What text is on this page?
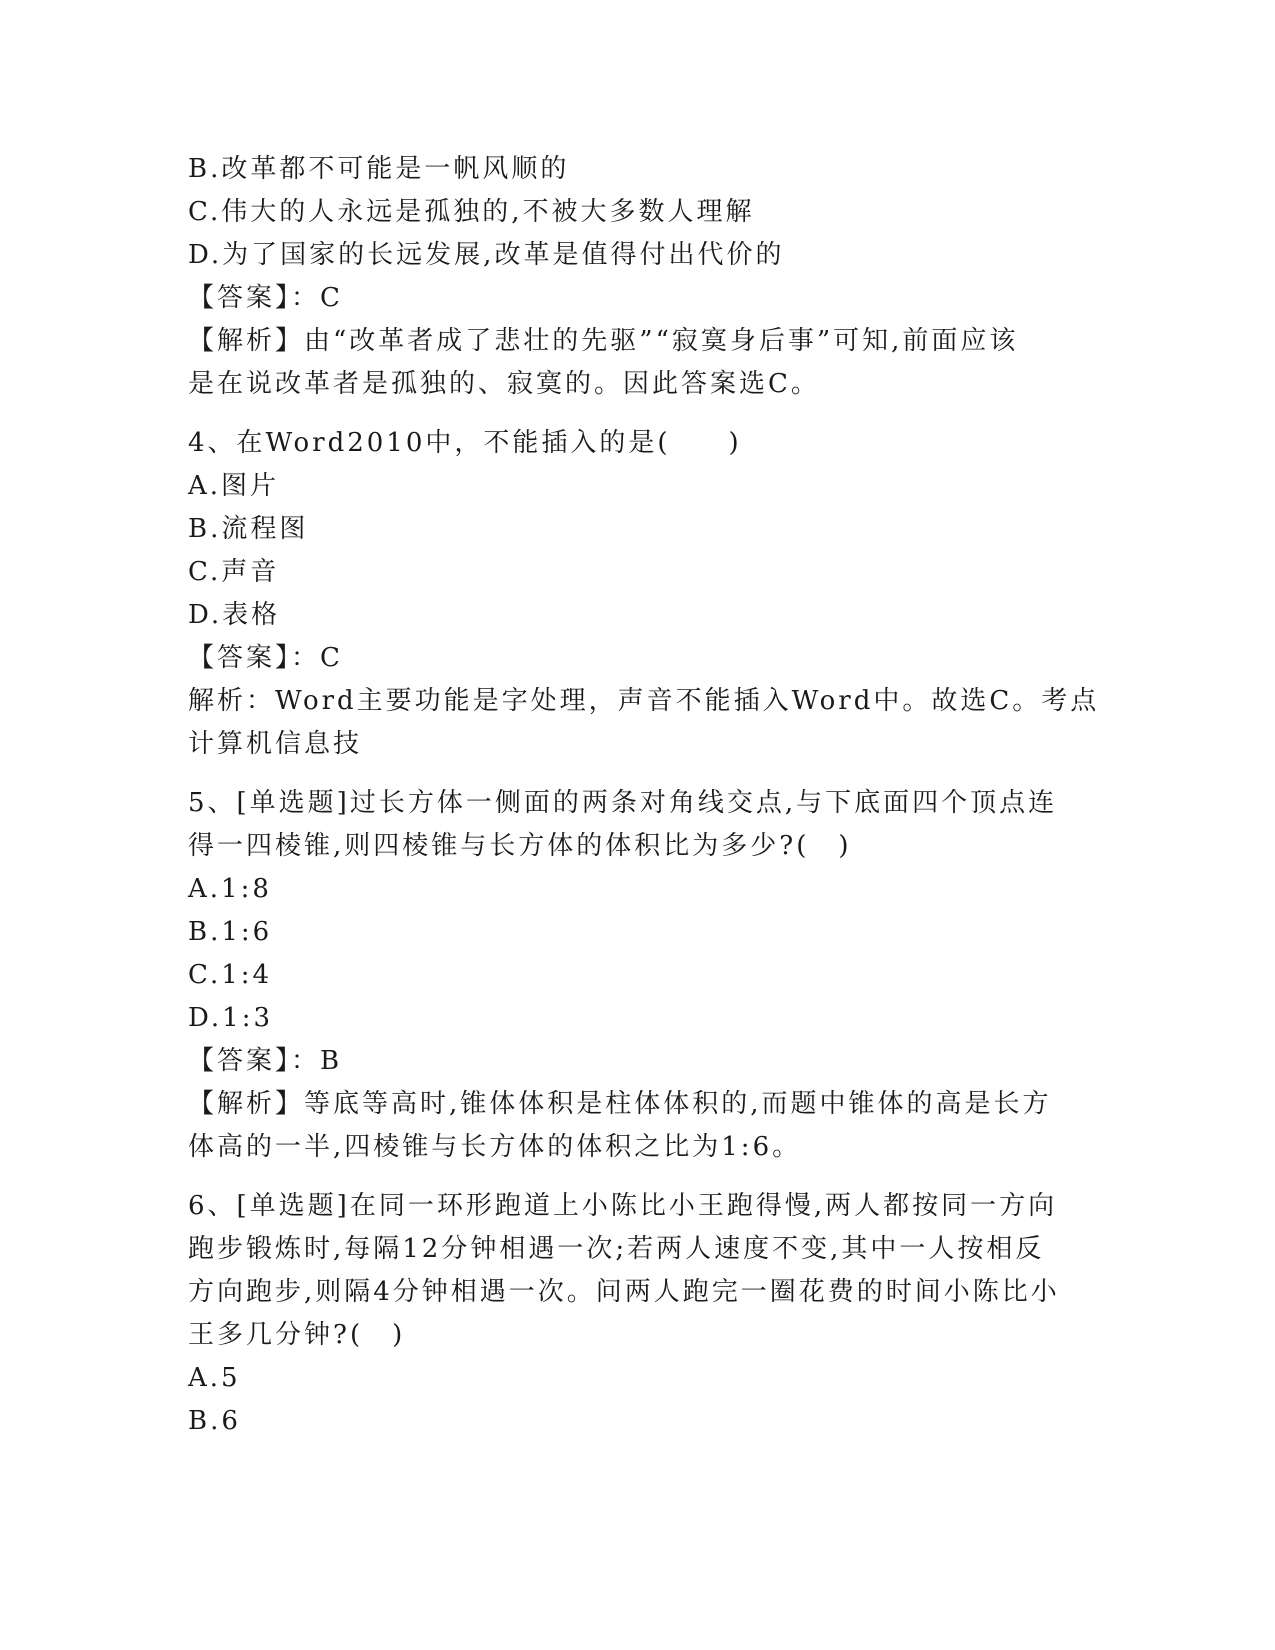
B.改革都不可能是一帆风顺的
C.伟大的人永远是孤独的,不被大多数人理解
D.为了国家的长远发展,改革是值得付出代价的
【答案】：C
【解析】由“改革者成了悲壮的先驱”“寂寞身后事”可知,前面应该
是在说改革者是孤独的、寂寞的。因此答案选C。
4、在Word2010中，不能插入的是(　　)
A.图片
B.流程图
C.声音
D.表格
【答案】：C
解析：Word主要功能是字处理，声音不能插入Word中。故选C。考点
计算机信息技
5、[单选题]过长方体一侧面的两条对角线交点,与下底面四个顶点连
得一四棱锥,则四棱锥与长方体的体积比为多少?(　)
A.1:8
B.1:6
C.1:4
D.1:3
【答案】：B
【解析】等底等高时,锥体体积是柱体体积的,而题中锥体的高是长方
体高的一半,四棱锥与长方体的体积之比为1:6。
6、[单选题]在同一环形跑道上小陈比小王跑得慢,两人都按同一方向
跑步锻炼时,每隔12分钟相遇一次;若两人速度不变,其中一人按相反
方向跑步,则隔4分钟相遇一次。问两人跑完一圈花费的时间小陈比小
王多几分钟?(　)
A.5
B.6
